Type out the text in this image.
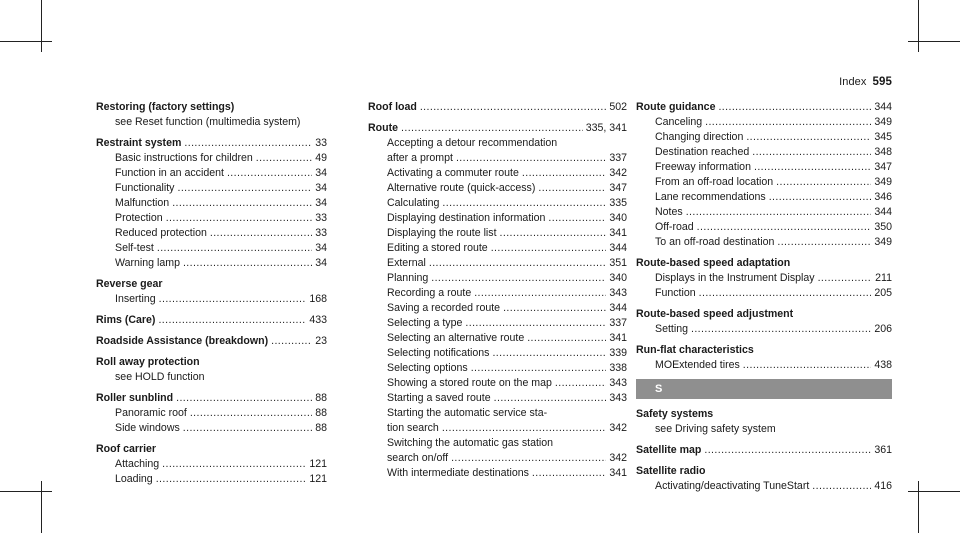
Index 595
Restoring (factory settings)
see Reset function (multimedia system)
Restraint system .....	33
Basic instructions for children .....	49
Function in an accident .....	34
Functionality .....	34
Malfunction .....	34
Protection .....	33
Reduced protection .....	33
Self-test .....	34
Warning lamp .....	34
Reverse gear
Inserting .....	168
Rims (Care) .....	433
Roadside Assistance (breakdown) .....	23
Roll away protection
see HOLD function
Roller sunblind .....	88
Panoramic roof .....	88
Side windows .....	88
Roof carrier
Attaching .....	121
Loading .....	121
Roof load .....	502
Route .....	335, 341
Accepting a detour recommendation
after a prompt .....	337
Activating a commuter route .....	342
Alternative route (quick-access) .....	347
Calculating .....	335
Displaying destination information .....	340
Displaying the route list .....	341
Editing a stored route .....	344
External .....	351
Planning .....	340
Recording a route .....	343
Saving a recorded route .....	344
Selecting a type .....	337
Selecting an alternative route .....	341
Selecting notifications .....	339
Selecting options .....	338
Showing a stored route on the map .....	343
Starting a saved route .....	343
Starting the automatic service sta-
tion search .....	342
Switching the automatic gas station
search on/off .....	342
With intermediate destinations .....	341
Route guidance .....	344
Canceling .....	349
Changing direction .....	345
Destination reached .....	348
Freeway information .....	347
From an off-road location .....	349
Lane recommendations .....	346
Notes .....	344
Off-road .....	350
To an off-road destination .....	349
Route-based speed adaptation
Displays in the Instrument Display .....	211
Function .....	205
Route-based speed adjustment
Setting .....	206
Run-flat characteristics
MOExtended tires .....	438
S
Safety systems
see Driving safety system
Satellite map .....	361
Satellite radio
Activating/deactivating TuneStart .....	416
